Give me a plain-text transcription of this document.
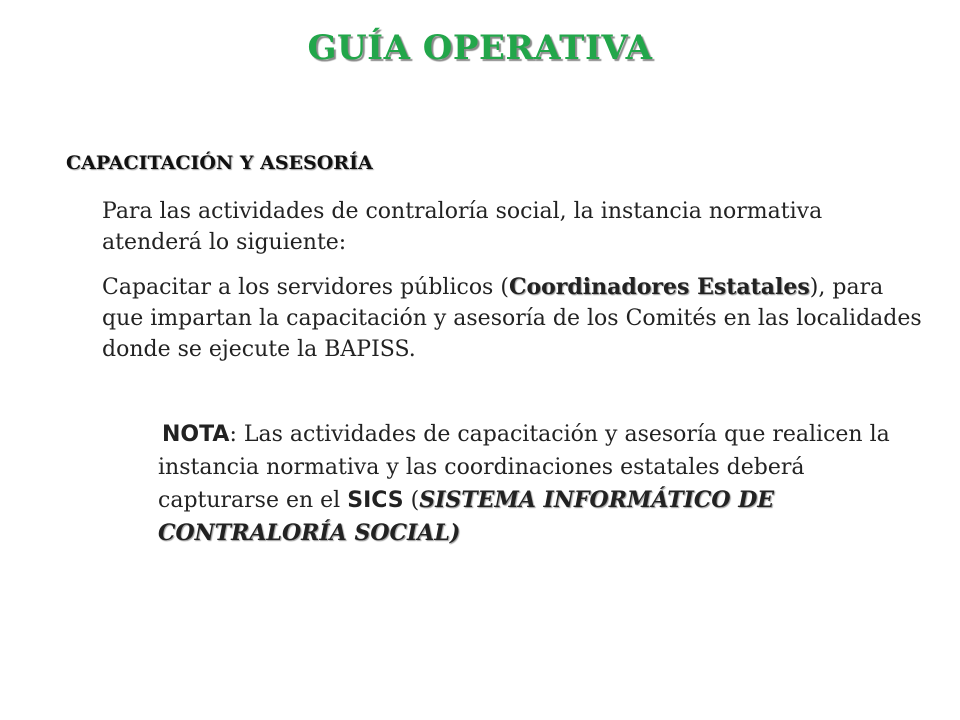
GUÍA OPERATIVA
CAPACITACIÓN Y ASESORÍA
Para las actividades de contraloría social, la instancia normativa atenderá lo siguiente:
Capacitar a los servidores públicos (Coordinadores Estatales), para que impartan la capacitación y asesoría de los Comités en las localidades donde se ejecute la BAPISS.
NOTA: Las actividades de capacitación y asesoría que realicen la instancia normativa y las coordinaciones estatales deberá capturarse en el SICS (SISTEMA INFORMÁTICO DE CONTRALORÍA SOCIAL)
